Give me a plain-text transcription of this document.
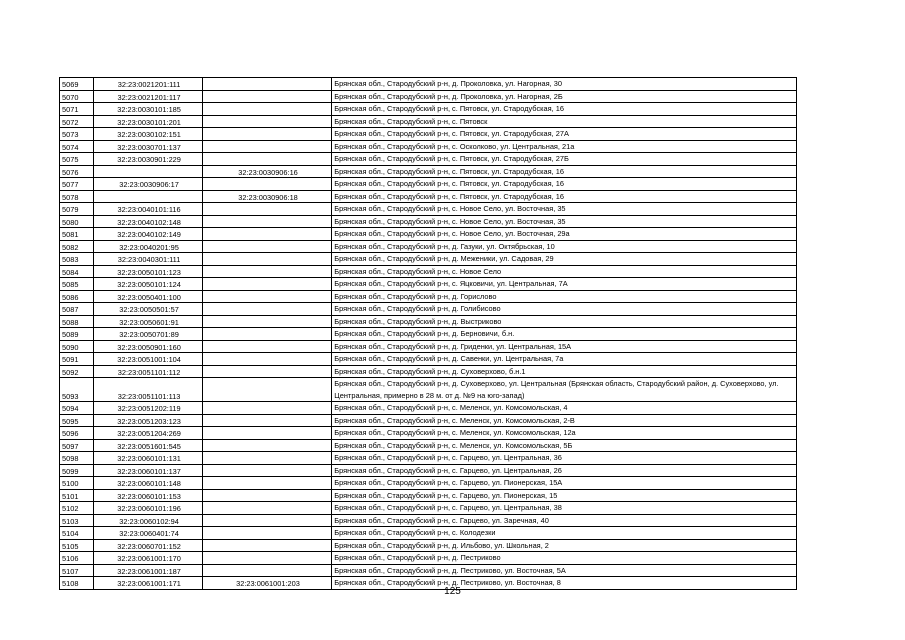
5069	32:23:0021201:111		Брянская обл., Стародубский р-н, д. Проколовка, ул. Нагорная, 30
5070	32:23:0021201:117		Брянская обл., Стародубский р-н, д. Проколовка, ул. Нагорная, 2Б
5071	32:23:0030101:185		Брянская обл., Стародубский р-н, с. Пятовск, ул. Стародубская, 16
5072	32:23:0030101:201		Брянская обл., Стародубский р-н, с. Пятовск
5073	32:23:0030102:151		Брянская обл., Стародубский р-н, с. Пятовск, ул. Стародубская, 27А
5074	32:23:0030701:137		Брянская обл., Стародубский р-н, с. Осколково, ул. Центральная, 21а
5075	32:23:0030901:229		Брянская обл., Стародубский р-н, с. Пятовск, ул. Стародубская, 27Б
5076		32:23:0030906:16	Брянская обл., Стародубский р-н, с. Пятовск, ул. Стародубская, 16
5077	32:23:0030906:17		Брянская обл., Стародубский р-н, с. Пятовск, ул. Стародубская, 16
5078		32:23:0030906:18	Брянская обл., Стародубский р-н, с. Пятовск, ул. Стародубская, 16
5079	32:23:0040101:116		Брянская обл., Стародубский р-н, с. Новое Село, ул. Восточная, 35
5080	32:23:0040102:148		Брянская обл., Стародубский р-н, с. Новое Село, ул. Восточная, 35
5081	32:23:0040102:149		Брянская обл., Стародубский р-н, с. Новое Село, ул. Восточная, 29а
5082	32:23:0040201:95		Брянская обл., Стародубский р-н, д. Газуки, ул. Октябрьская, 10
5083	32:23:0040301:111		Брянская обл., Стародубский р-н, д. Меженики, ул. Садовая, 29
5084	32:23:0050101:123		Брянская обл., Стародубский р-н, с. Новое Село
5085	32:23:0050101:124		Брянская обл., Стародубский р-н, с. Яцковичи, ул. Центральная, 7А
5086	32:23:0050401:100		Брянская обл., Стародубский р-н, д. Горислово
5087	32:23:0050501:57		Брянская обл., Стародубский р-н, д. Голибисово
5088	32:23:0050601:91		Брянская обл., Стародубский р-н, д. Выстриково
5089	32:23:0050701:89		Брянская обл., Стародубский р-н, д. Берновичи, б.н.
5090	32:23:0050901:160		Брянская обл., Стародубский р-н, д. Гриденки, ул. Центральная, 15А
5091	32:23:0051001:104		Брянская обл., Стародубский р-н, д. Савенки, ул. Центральная, 7а
5092	32:23:0051101:112		Брянская обл., Стародубский р-н, д. Суховерхово, б.н.1
5093	32:23:0051101:113		Брянская обл., Стародубский р-н, д. Суховерхово, ул. Центральная (Брянская область, Стародубский район, д. Суховерхово, ул. Центральная, примерно в 28 м. от д. №9 на юго-запад)
5094	32:23:0051202:119		Брянская обл., Стародубский р-н, с. Меленск, ул. Комсомольская, 4
5095	32:23:0051203:123		Брянская обл., Стародубский р-н, с. Меленск, ул. Комсомольская, 2-В
5096	32:23:0051204:269		Брянская обл., Стародубский р-н, с. Меленск, ул. Комсомольская, 12а
5097	32:23:0051601:545		Брянская обл., Стародубский р-н, с. Меленск, ул. Комсомольская, 5Б
5098	32:23:0060101:131		Брянская обл., Стародубский р-н, с. Гарцево, ул. Центральная, 36
5099	32:23:0060101:137		Брянская обл., Стародубский р-н, с. Гарцево, ул. Центральная, 26
5100	32:23:0060101:148		Брянская обл., Стародубский р-н, с. Гарцево, ул. Пионерская, 15А
5101	32:23:0060101:153		Брянская обл., Стародубский р-н, с. Гарцево, ул. Пионерская, 15
5102	32:23:0060101:196		Брянская обл., Стародубский р-н, с. Гарцево, ул. Центральная, 38
5103	32:23:0060102:94		Брянская обл., Стародубский р-н, с. Гарцево, ул. Заречная, 40
5104	32:23:0060401:74		Брянская обл., Стародубский р-н, с. Колодезки
5105	32:23:0060701:152		Брянская обл., Стародубский р-н, д. Ильбово, ул. Школьная, 2
5106	32:23:0061001:170		Брянская обл., Стародубский р-н, д. Пестриково
5107	32:23:0061001:187		Брянская обл., Стародубский р-н, д. Пестриково, ул. Восточная, 5А
5108	32:23:0061001:171	32:23:0061001:203	Брянская обл., Стародубский р-н, д. Пестриково, ул. Восточная, 8
125
